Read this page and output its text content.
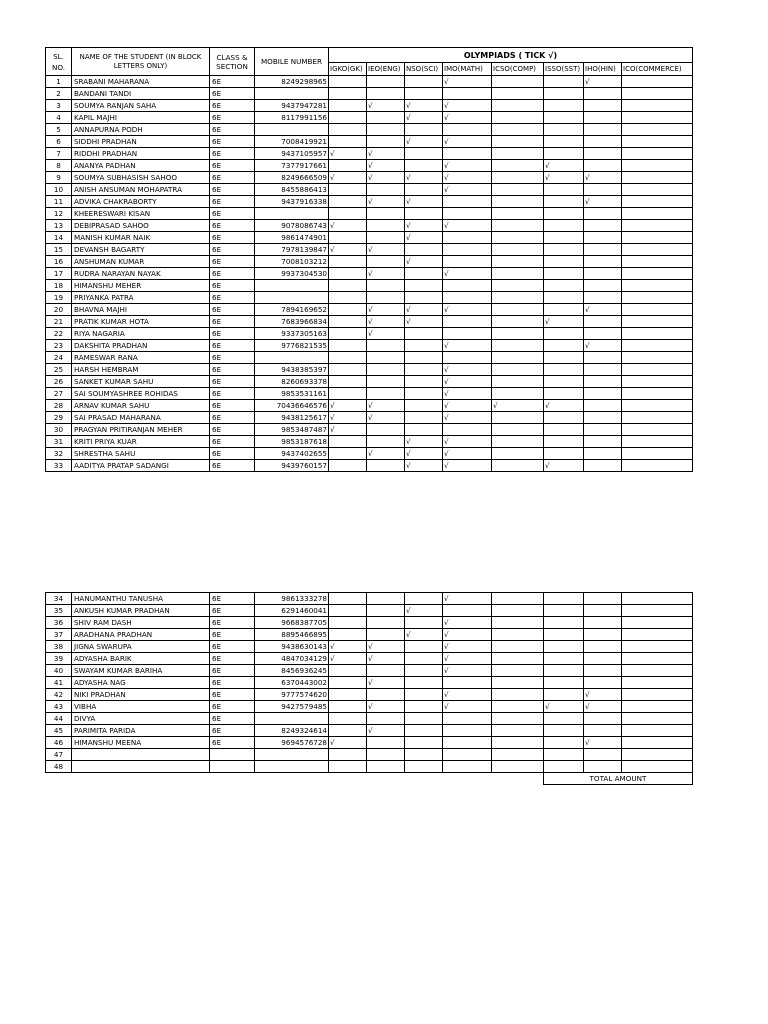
SL.
NO.	NAME OF THE STUDENT (IN BLOCK
LETTERS ONLY)	CLASS &
SECTION	MOBILE NUMBER	OLYMPIADS ( TICK √)							
				IGKO(GK)	IEO(ENG)	NSO(SCI)	IMO(MATH)	ICSO(COMP)	ISSO(SST)	IHO(HIN)	ICO(COMMERCE)
1	SRABANI MAHARANA	6E	8249298965				√			√	
2	BANDANI TANDI	6E									
3	SOUMYA RANJAN SAHA	6E	9437947281		√	√	√				
4	KAPIL MAJHI	6E	8117991156			√	√				
5	ANNAPURNA PODH	6E									
6	SIDDHI PRADHAN	6E	7008419921			√	√				
7	RIDDHI PRADHAN	6E	9437105957	√	√						
8	ANANYA PADHAN	6E	7377917661		√		√		√		
9	SOUMYA SUBHASISH SAHOO	6E	8249666509	√	√	√	√		√	√	
10	ANISH ANSUMAN MOHAPATRA	6E	8455886413				√				
11	ADVIKA CHAKRABORTY	6E	9437916338		√	√				√	
12	KHEERESWARI KISAN	6E									
13	DEBIPRASAD SAHOO	6E	9078086743	√		√	√				
14	MANISH KUMAR NAIK	6E	9861474901			√					
15	DEVANSH BAGARTY	6E	7978139847	√	√						
16	ANSHUMAN KUMAR	6E	7008103212			√					
17	RUDRA NARAYAN NAYAK	6E	9937304530		√		√				
18	HIMANSHU MEHER	6E									
19	PRIYANKA PATRA	6E									
20	BHAVNA MAJHI	6E	7894169652		√	√	√			√	
21	PRATIK KUMAR HOTA	6E	7683966834		√	√			√		
22	RIYA NAGARIA	6E	9337305163		√						
23	DAKSHITA PRADHAN	6E	9776821535				√			√	
24	RAMESWAR RANA	6E									
25	HARSH HEMBRAM	6E	9438385397				√				
26	SANKET KUMAR SAHU	6E	8260693378				√				
27	SAI SOUMYASHREE ROHIDAS	6E	9853531161				√				
28	ARNAV KUMAR SAHU	6E	70436646576	√	√		√	√	√		
29	SAI PRASAD MAHARANA	6E	9438125617	√	√		√				
30	PRAGYAN PRITIRANJAN MEHER	6E	9853487487	√							
31	KRITI PRIYA KUAR	6E	9853187618			√	√				
32	SHRESTHA SAHU	6E	9437402655		√	√	√				
33	AADITYA PRATAP SADANGI	6E	9439760157			√	√		√		
34	HANUMANTHU TANUSHA	6E	9861333278				√				
35	ANKUSH KUMAR PRADHAN	6E	6291460041			√					
36	SHIV RAM DASH	6E	9668387705				√				
37	ARADHANA PRADHAN	6E	8895466895			√	√				
38	JIGNA SWARUPA	6E	9438630143	√	√		√				
39	ADYASHA BARIK	6E	4847034129	√	√		√				
40	SWAYAM KUMAR BARIHA	6E	8456936245				√				
41	ADYASHA NAG	6E	6370443002		√						
42	NIKI PRADHAN	6E	9777574620				√			√	
43	VIBHA	6E	9427579485		√		√		√	√	
44	DIVYA	6E									
45	PARIMITA PARIDA	6E	8249324614		√						
46	HIMANSHU MEENA	6E	9694576728	√						√	
47											
48											
									TOTAL AMOUNT		
